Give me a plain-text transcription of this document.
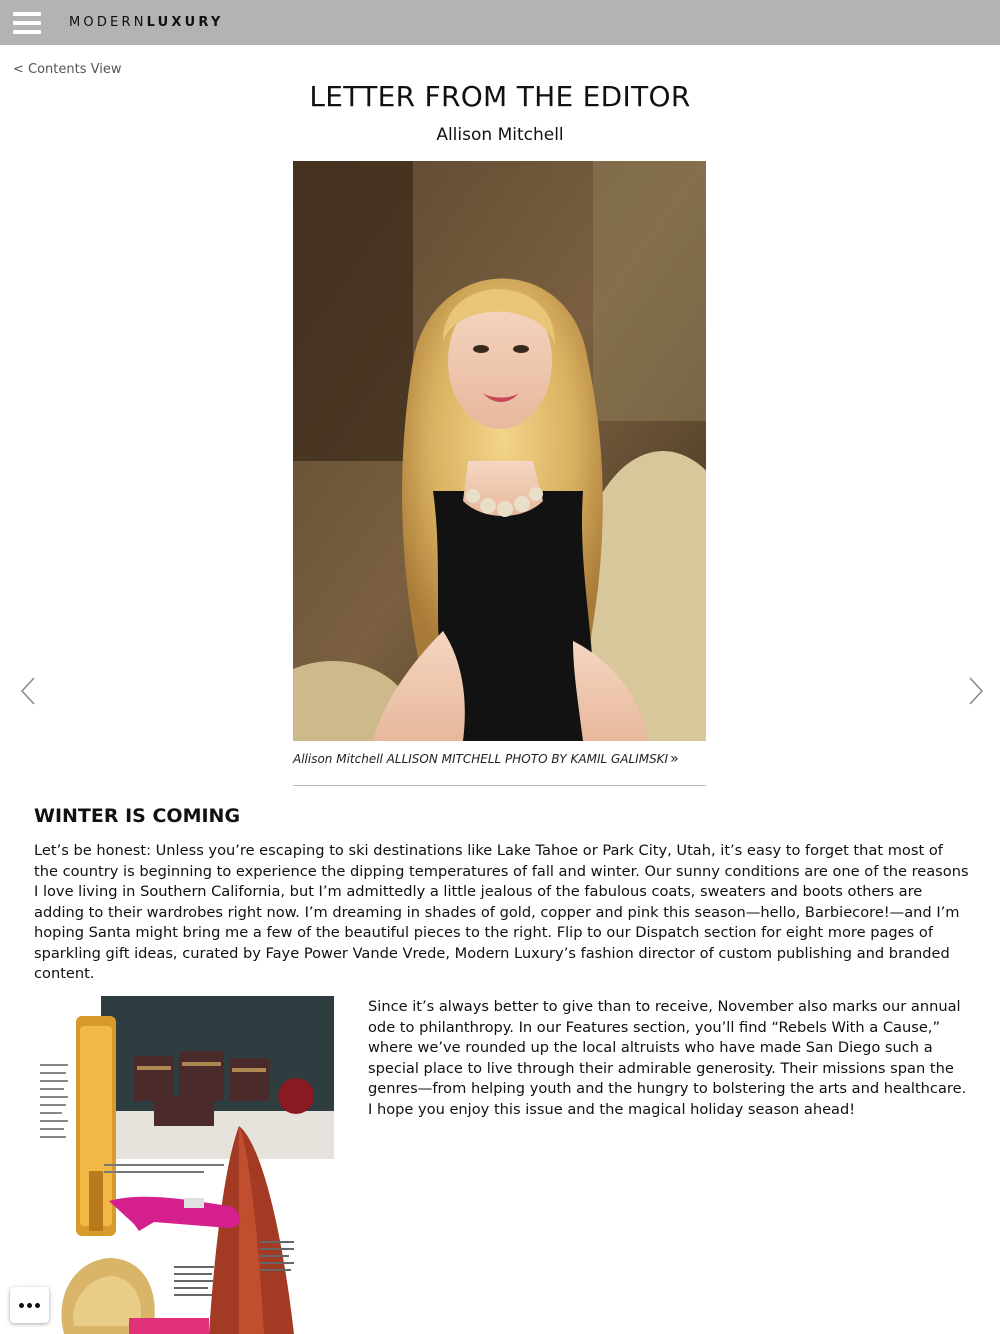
MODERNLUXURY
< Contents View
LETTER FROM THE EDITOR
Allison Mitchell
Allison Mitchell ALLISON MITCHELL PHOTO BY KAMIL GALIMSKI »
WINTER IS COMING

Let’s be honest: Unless you’re escaping to ski destinations like Lake Tahoe or Park City, Utah, it’s easy to forget that most of the country is beginning to experience the dipping temperatures of fall and winter. Our sunny conditions are one of the reasons I love living in Southern California, but I’m admittedly a little jealous of the fabulous coats, sweaters and boots others are adding to their wardrobes right now. I’m dreaming in shades of gold, copper and pink this season—hello, Barbiecore!—and I’m hoping Santa might bring me a few of the beautiful pieces to the right. Flip to our Dispatch section for eight more pages of sparkling gift ideas, curated by Faye Power Vande Vrede, Modern Luxury’s fashion director of custom publishing and branded content.

Since it’s always better to give than to receive, November also marks our annual ode to philanthropy. In our Features section, you’ll find “Rebels With a Cause,” where we’ve rounded up the local altruists who have made San Diego such a special place to live through their admirable generosity. Their missions span the genres—from helping youth and the hungry to bolstering the arts and healthcare. I hope you enjoy this issue and the magical holiday season ahead!
